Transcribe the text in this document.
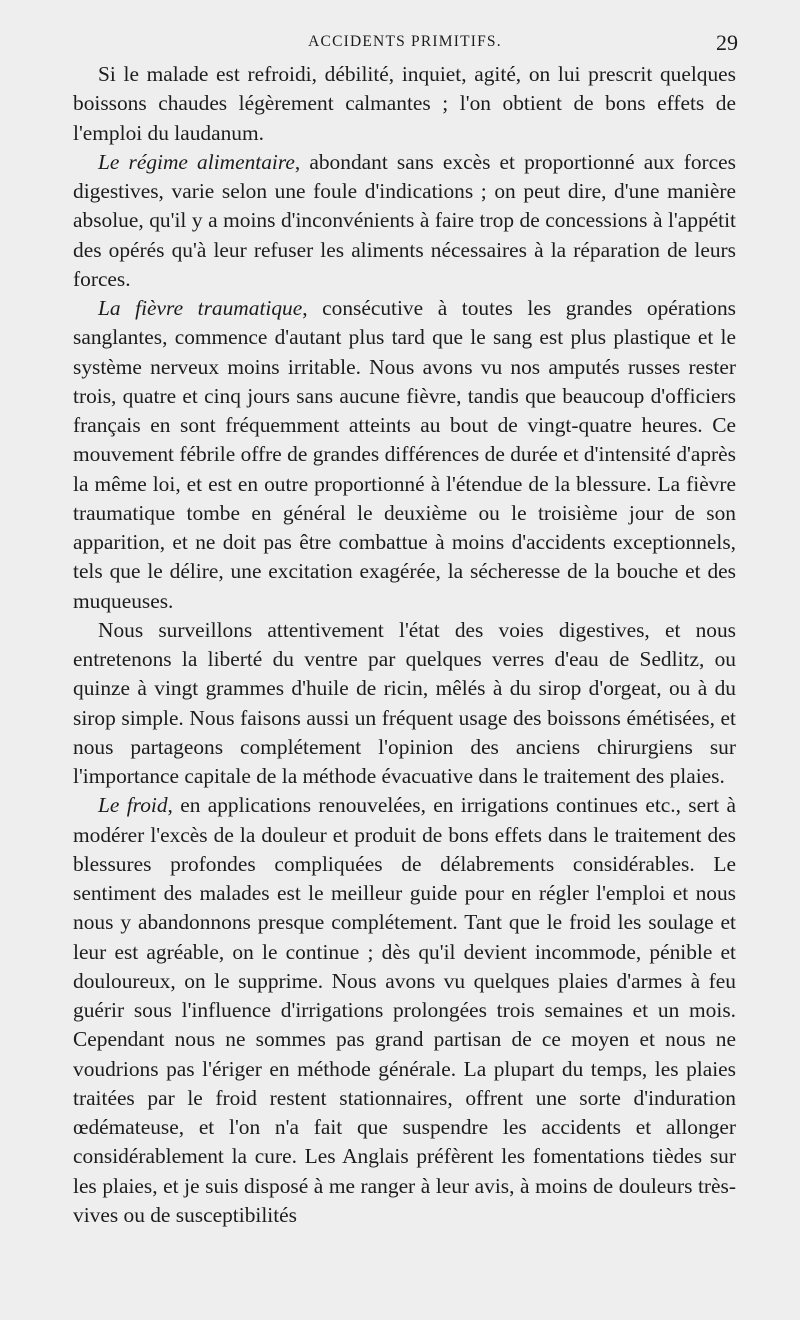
ACCIDENTS PRIMITIFS.	29

Si le malade est refroidi, débilité, inquiet, agité, on lui prescrit quelques boissons chaudes légèrement calmantes ; l'on obtient de bons effets de l'emploi du laudanum.

Le régime alimentaire, abondant sans excès et proportionné aux forces digestives, varie selon une foule d'indications ; on peut dire, d'une manière absolue, qu'il y a moins d'inconvénients à faire trop de concessions à l'appétit des opérés qu'à leur refuser les aliments nécessaires à la réparation de leurs forces.

La fièvre traumatique, consécutive à toutes les grandes opérations sanglantes, commence d'autant plus tard que le sang est plus plastique et le système nerveux moins irritable. Nous avons vu nos amputés russes rester trois, quatre et cinq jours sans aucune fièvre, tandis que beaucoup d'officiers français en sont fréquemment atteints au bout de vingt-quatre heures. Ce mouvement fébrile offre de grandes différences de durée et d'intensité d'après la même loi, et est en outre proportionné à l'étendue de la blessure. La fièvre traumatique tombe en général le deuxième ou le troisième jour de son apparition, et ne doit pas être combattue à moins d'accidents exceptionnels, tels que le délire, une excitation exagérée, la sécheresse de la bouche et des muqueuses.

Nous surveillons attentivement l'état des voies digestives, et nous entretenons la liberté du ventre par quelques verres d'eau de Sedlitz, ou quinze à vingt grammes d'huile de ricin, mêlés à du sirop d'orgeat, ou à du sirop simple. Nous faisons aussi un fréquent usage des boissons émétisées, et nous partageons complétement l'opinion des anciens chirurgiens sur l'importance capitale de la méthode évacuative dans le traitement des plaies.

Le froid, en applications renouvelées, en irrigations continues etc., sert à modérer l'excès de la douleur et produit de bons effets dans le traitement des blessures profondes compliquées de délabrements considérables. Le sentiment des malades est le meilleur guide pour en régler l'emploi et nous nous y abandonnons presque complétement. Tant que le froid les soulage et leur est agréable, on le continue ; dès qu'il devient incommode, pénible et douloureux, on le supprime. Nous avons vu quelques plaies d'armes à feu guérir sous l'influence d'irrigations prolongées trois semaines et un mois. Cependant nous ne sommes pas grand partisan de ce moyen et nous ne voudrions pas l'ériger en méthode générale. La plupart du temps, les plaies traitées par le froid restent stationnaires, offrent une sorte d'induration œdémateuse, et l'on n'a fait que suspendre les accidents et allonger considérablement la cure. Les Anglais préfèrent les fomentations tièdes sur les plaies, et je suis disposé à me ranger à leur avis, à moins de douleurs très-vives ou de susceptibilités
